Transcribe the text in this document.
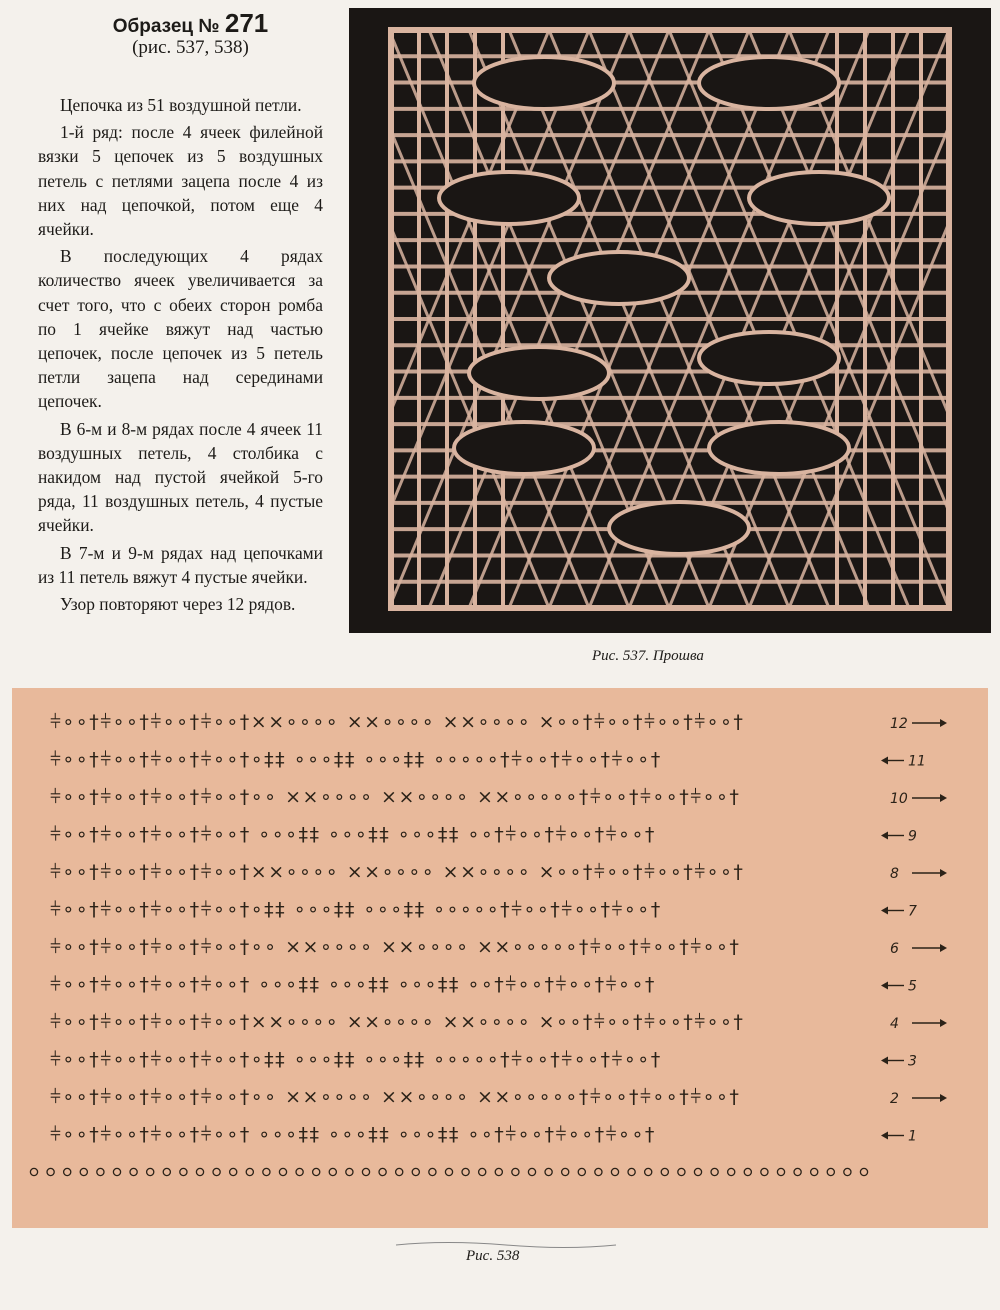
Образец № 271
(рис. 537, 538)

Цепочка из 51 воздушной петли.

1-й ряд: после 4 ячеек филейной вязки 5 цепочек из 5 воздушных петель с петлями зацепа после 4 из них над цепочкой, потом еще 4 ячейки.

В последующих 4 рядах количество ячеек увеличивается за счет того, что с обеих сторон ромба по 1 ячейке вяжут над частью цепочек, после цепочек из 5 петель петли зацепа над серединами цепочек.

В 6-м и 8-м рядах после 4 ячеек 11 воздушных петель, 4 столбика с накидом над пустой ячейкой 5-го ряда, 11 воздушных петель, 4 пустые ячейки.

В 7-м и 9-м рядах над цепочками из 11 петель вяжут 4 пустые ячейки.

Узор повторяют через 12 рядов.

Рис. 537. Прошва
⫩∘∘†⫩∘∘†⫩∘∘†⫩∘∘†××∘∘∘∘ ××∘∘∘∘ ××∘∘∘∘ ×∘∘†⫩∘∘†⫩∘∘†⫩∘∘†	12
⫩∘∘†⫩∘∘†⫩∘∘†⫩∘∘†∘‡‡ ∘∘∘‡‡ ∘∘∘‡‡ ∘∘∘∘∘†⫩∘∘†⫩∘∘†⫩∘∘†	11
⫩∘∘†⫩∘∘†⫩∘∘†⫩∘∘†∘∘ ××∘∘∘∘ ××∘∘∘∘ ××∘∘∘∘∘†⫩∘∘†⫩∘∘†⫩∘∘†	10
⫩∘∘†⫩∘∘†⫩∘∘†⫩∘∘† ∘∘∘‡‡ ∘∘∘‡‡ ∘∘∘‡‡ ∘∘†⫩∘∘†⫩∘∘†⫩∘∘†	9
⫩∘∘†⫩∘∘†⫩∘∘†⫩∘∘†××∘∘∘∘ ××∘∘∘∘ ××∘∘∘∘ ×∘∘†⫩∘∘†⫩∘∘†⫩∘∘†	8
⫩∘∘†⫩∘∘†⫩∘∘†⫩∘∘†∘‡‡ ∘∘∘‡‡ ∘∘∘‡‡ ∘∘∘∘∘†⫩∘∘†⫩∘∘†⫩∘∘†	7
⫩∘∘†⫩∘∘†⫩∘∘†⫩∘∘†∘∘ ××∘∘∘∘ ××∘∘∘∘ ××∘∘∘∘∘†⫩∘∘†⫩∘∘†⫩∘∘†	6
⫩∘∘†⫩∘∘†⫩∘∘†⫩∘∘† ∘∘∘‡‡ ∘∘∘‡‡ ∘∘∘‡‡ ∘∘†⫩∘∘†⫩∘∘†⫩∘∘†	5
⫩∘∘†⫩∘∘†⫩∘∘†⫩∘∘†××∘∘∘∘ ××∘∘∘∘ ××∘∘∘∘ ×∘∘†⫩∘∘†⫩∘∘†⫩∘∘†	4
⫩∘∘†⫩∘∘†⫩∘∘†⫩∘∘†∘‡‡ ∘∘∘‡‡ ∘∘∘‡‡ ∘∘∘∘∘†⫩∘∘†⫩∘∘†⫩∘∘†	3
⫩∘∘†⫩∘∘†⫩∘∘†⫩∘∘†∘∘ ××∘∘∘∘ ××∘∘∘∘ ××∘∘∘∘∘†⫩∘∘†⫩∘∘†⫩∘∘†	2
⫩∘∘†⫩∘∘†⫩∘∘†⫩∘∘† ∘∘∘‡‡ ∘∘∘‡‡ ∘∘∘‡‡ ∘∘†⫩∘∘†⫩∘∘†⫩∘∘†	1
Рис. 538
